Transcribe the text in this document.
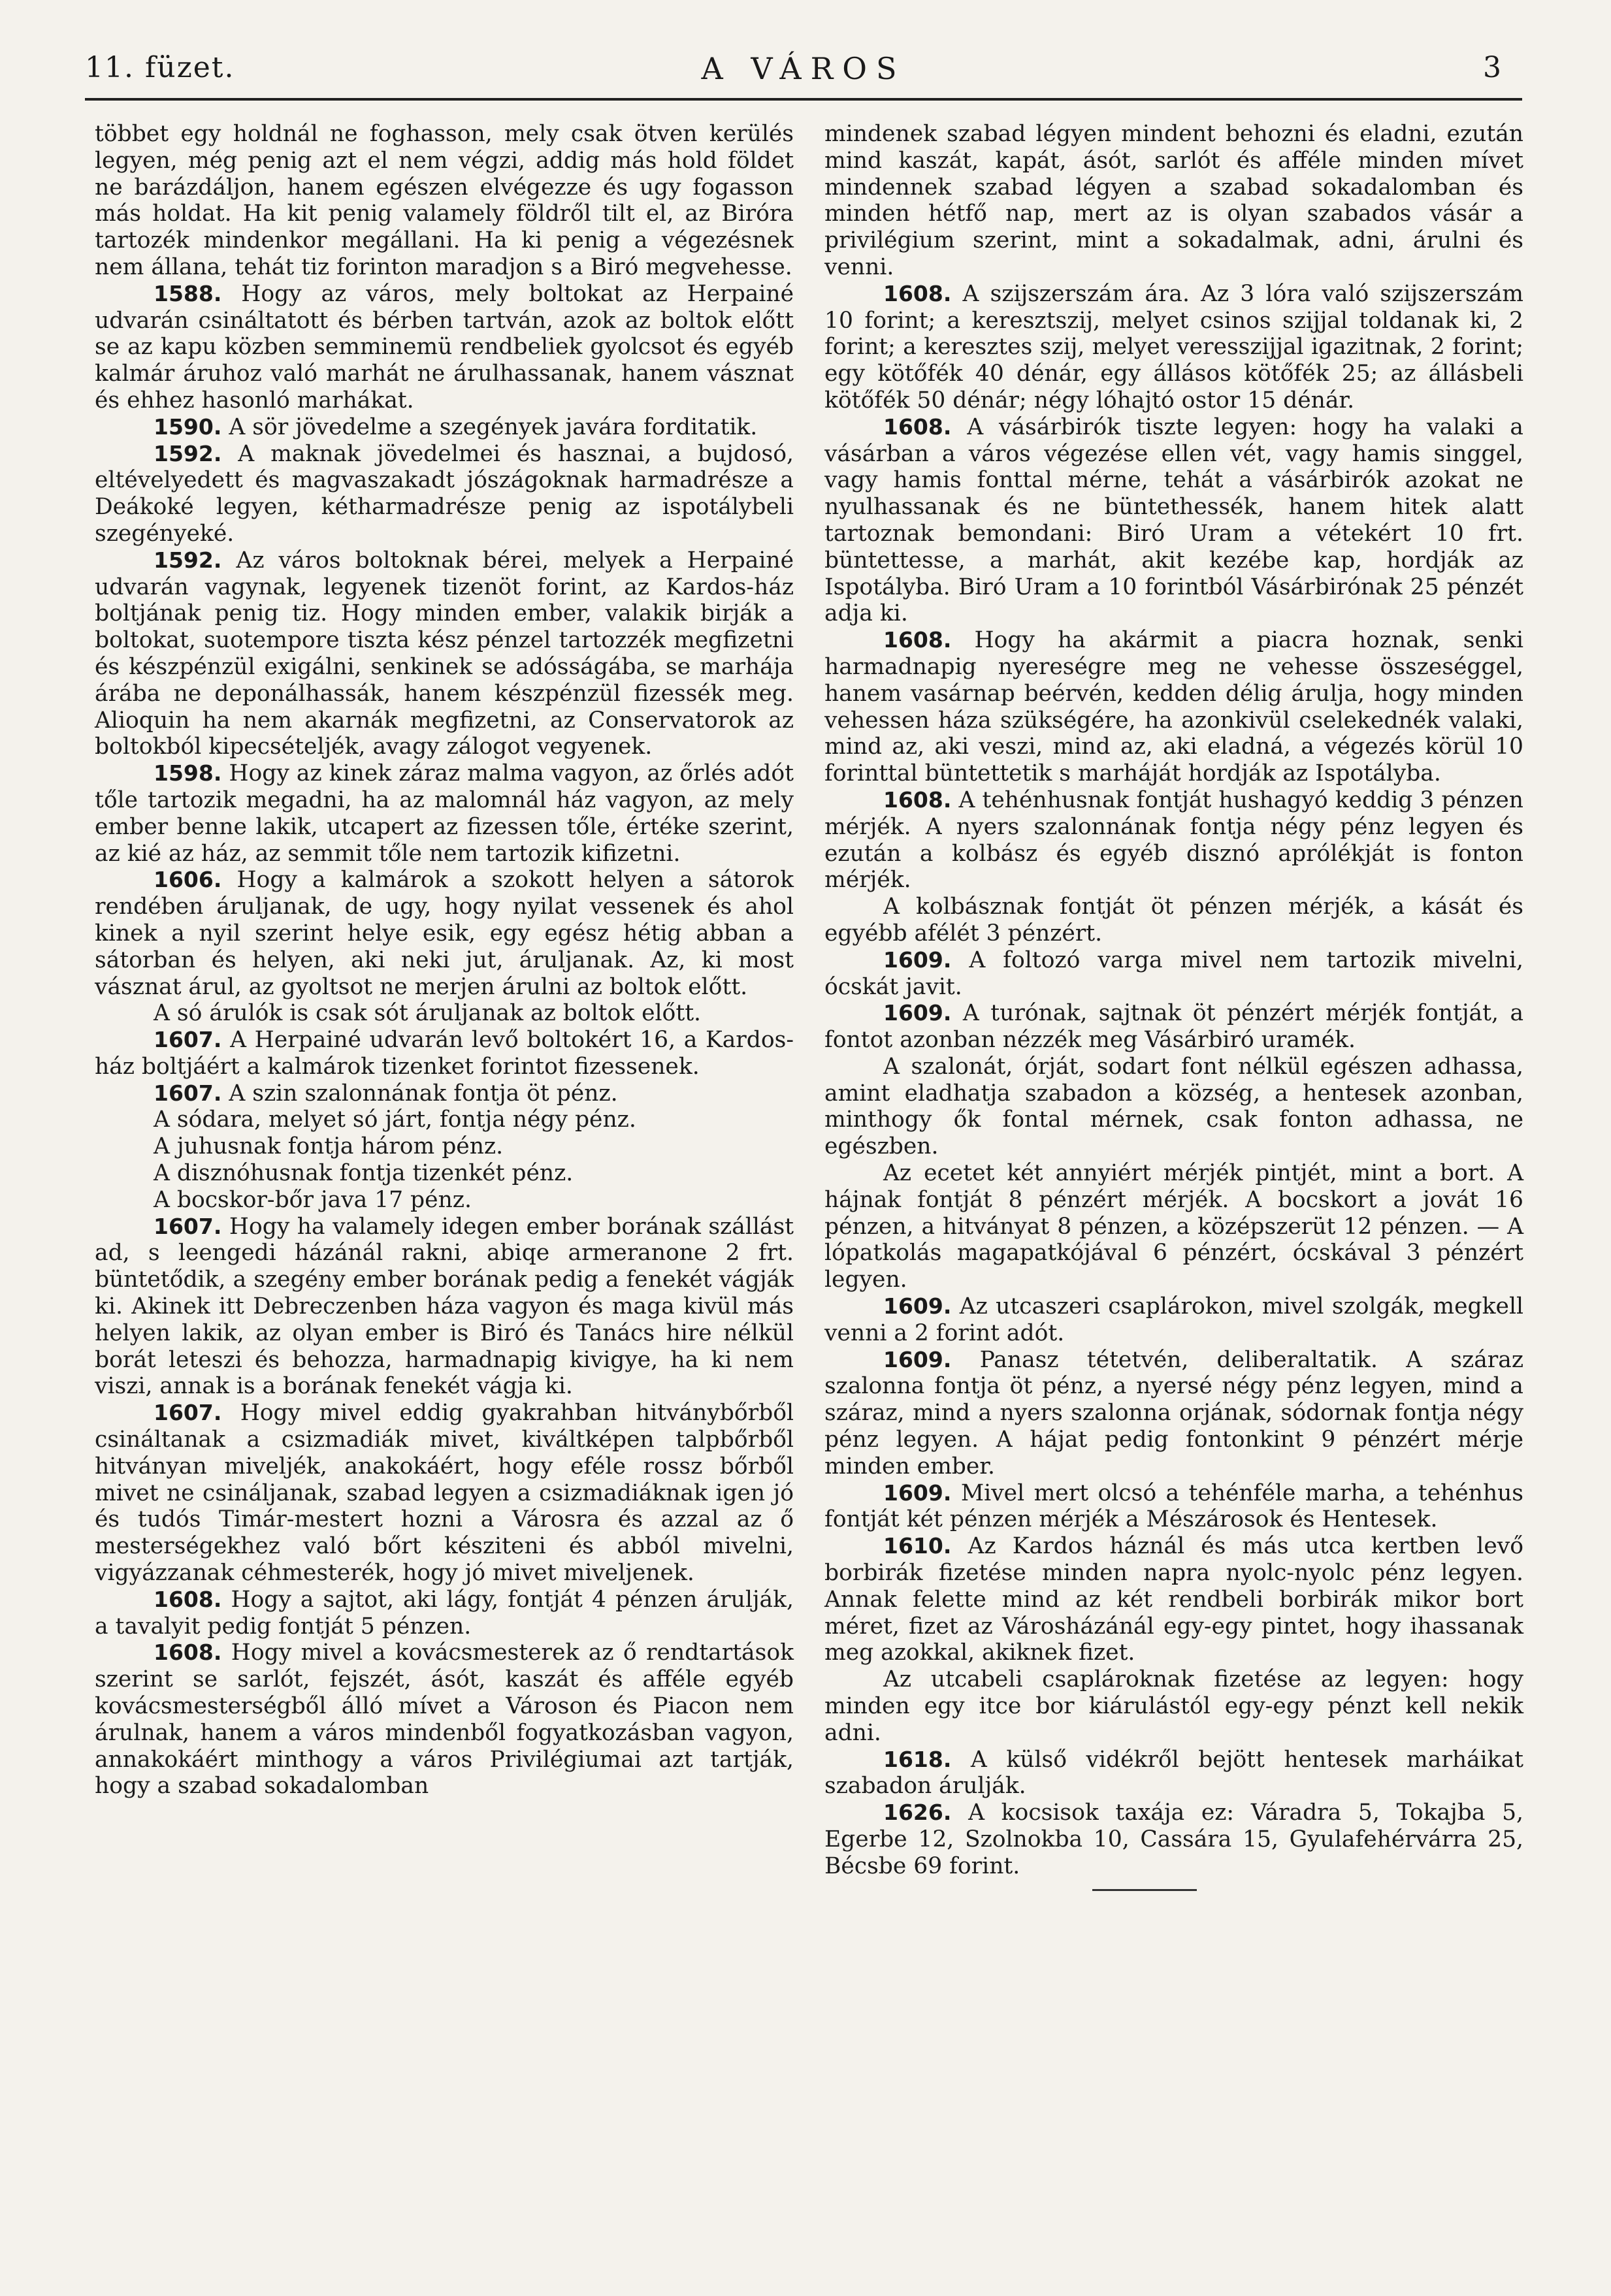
11. füzet.	A VÁROS	3

többet egy holdnál ne foghasson, mely csak ötven kerülés legyen, még penig azt el nem végzi, addig más hold földet ne barázdáljon, hanem egészen elvégezze és ugy fogasson más holdat. Ha kit penig valamely földről tilt el, az Biróra tartozék mindenkor megállani. Ha ki penig a végezésnek nem állana, tehát tiz forinton maradjon s a Biró megvehesse.

1588. Hogy az város, mely boltokat az Herpainé udvarán csináltatott és bérben tartván, azok az boltok előtt se az kapu közben semminemü rendbeliek gyolcsot és egyéb kalmár áruhoz való marhát ne árulhassanak, hanem vásznat és ehhez hasonló marhákat.

1590. A sör jövedelme a szegények javára forditatik.

1592. A maknak jövedelmei és hasznai, a bujdosó, eltévelyedett és magvaszakadt jószágoknak harmadrésze a Deákoké legyen, kétharmadrésze penig az ispotálybeli szegényeké.

1592. Az város boltoknak bérei, melyek a Herpainé udvarán vagynak, legyenek tizenöt forint, az Kardos-ház boltjának penig tiz. Hogy minden ember, valakik birják a boltokat, suotempore tiszta kész pénzel tartozzék megfizetni és készpénzül exigálni, senkinek se adósságába, se marhája árába ne deponálhassák, hanem készpénzül fizessék meg. Alioquin ha nem akarnák megfizetni, az Conservatorok az boltokból kipecsételjék, avagy zálogot vegyenek.

1598. Hogy az kinek záraz malma vagyon, az őrlés adót tőle tartozik megadni, ha az malomnál ház vagyon, az mely ember benne lakik, utcapert az fizessen tőle, értéke szerint, az kié az ház, az semmit tőle nem tartozik kifizetni.

1606. Hogy a kalmárok a szokott helyen a sátorok rendében áruljanak, de ugy, hogy nyilat vessenek és ahol kinek a nyil szerint helye esik, egy egész hétig abban a sátorban és helyen, aki neki jut, áruljanak. Az, ki most vásznat árul, az gyoltsot ne merjen árulni az boltok előtt.

A só árulók is csak sót áruljanak az boltok előtt.

1607. A Herpainé udvarán levő boltokért 16, a Kardos-ház boltjáért a kalmárok tizenket forintot fizessenek.

1607. A szin szalonnának fontja öt pénz.

A sódara, melyet só járt, fontja négy pénz.

A juhusnak fontja három pénz.

A disznóhusnak fontja tizenkét pénz.

A bocskor-bőr java 17 pénz.

1607. Hogy ha valamely idegen ember borának szállást ad, s leengedi házánál rakni, abiqe armeranone 2 frt. büntetődik, a szegény ember borának pedig a fenekét vágják ki. Akinek itt Debreczenben háza vagyon és maga kivül más helyen lakik, az olyan ember is Biró és Tanács hire nélkül borát leteszi és behozza, harmadnapig kivigye, ha ki nem viszi, annak is a borának fenekét vágja ki.

1607. Hogy mivel eddig gyakrahban hitványbőrből csináltanak a csizmadiák mivet, kiváltképen talpbőrből hitványan miveljék, anakokáért, hogy eféle rossz bőrből mivet ne csináljanak, szabad legyen a csizmadiáknak igen jó és tudós Timár-mestert hozni a Városra és azzal az ő mesterségekhez való bőrt késziteni és abból mivelni, vigyázzanak céhmesterék, hogy jó mivet miveljenek.

1608. Hogy a sajtot, aki lágy, fontját 4 pénzen árulják, a tavalyit pedig fontját 5 pénzen.

1608. Hogy mivel a kovácsmesterek az ő rendtartások szerint se sarlót, fejszét, ásót, kaszát és afféle egyéb kovácsmesterségből álló mívet a Városon és Piacon nem árulnak, hanem a város mindenből fogyatkozásban vagyon, annakokáért minthogy a város Privilégiumai azt tartják, hogy a szabad sokadalomban

mindenek szabad légyen mindent behozni és eladni, ezután mind kaszát, kapát, ásót, sarlót és afféle minden mívet mindennek szabad légyen a szabad sokadalomban és minden hétfő nap, mert az is olyan szabados vásár a privilégium szerint, mint a sokadalmak, adni, árulni és venni.

1608. A szijszerszám ára. Az 3 lóra való szijszerszám 10 forint; a keresztszij, melyet csinos szijjal toldanak ki, 2 forint; a keresztes szij, melyet veresszijjal igazitnak, 2 forint; egy kötőfék 40 dénár, egy állásos kötőfék 25; az állásbeli kötőfék 50 dénár; négy lóhajtó ostor 15 dénár.

1608. A vásárbirók tiszte legyen: hogy ha valaki a vásárban a város végezése ellen vét, vagy hamis singgel, vagy hamis fonttal mérne, tehát a vásárbirók azokat ne nyulhassanak és ne büntethessék, hanem hitek alatt tartoznak bemondani: Biró Uram a vétekért 10 frt. büntettesse, a marhát, akit kezébe kap, hordják az Ispotályba. Biró Uram a 10 forintból Vásárbirónak 25 pénzét adja ki.

1608. Hogy ha akármit a piacra hoznak, senki harmadnapig nyereségre meg ne vehesse összeséggel, hanem vasárnap beérvén, kedden délig árulja, hogy minden vehessen háza szükségére, ha azonkivül cselekednék valaki, mind az, aki veszi, mind az, aki eladná, a végezés körül 10 forinttal büntettetik s marháját hordják az Ispotályba.

1608. A tehénhusnak fontját hushagyó keddig 3 pénzen mérjék. A nyers szalonnának fontja négy pénz legyen és ezután a kolbász és egyéb disznó aprólékját is fonton mérjék.

A kolbásznak fontját öt pénzen mérjék, a kását és egyébb afélét 3 pénzért.

1609. A foltozó varga mivel nem tartozik mivelni, ócskát javit.

1609. A turónak, sajtnak öt pénzért mérjék fontját, a fontot azonban nézzék meg Vásárbiró uramék.

A szalonát, órját, sodart font nélkül egészen adhassa, amint eladhatja szabadon a község, a hentesek azonban, minthogy ők fontal mérnek, csak fonton adhassa, ne egészben.

Az ecetet két annyiért mérjék pintjét, mint a bort. A hájnak fontját 8 pénzért mérjék. A bocskort a jovát 16 pénzen, a hitványat 8 pénzen, a középszerüt 12 pénzen. — A lópatkolás magapatkójával 6 pénzért, ócskával 3 pénzért legyen.

1609. Az utcaszeri csaplárokon, mivel szolgák, megkell venni a 2 forint adót.

1609. Panasz tétetvén, deliberaltatik. A száraz szalonna fontja öt pénz, a nyersé négy pénz legyen, mind a száraz, mind a nyers szalonna orjának, sódornak fontja négy pénz legyen. A hájat pedig fontonkint 9 pénzért mérje minden ember.

1609. Mivel mert olcsó a tehénféle marha, a tehénhus fontját két pénzen mérjék a Mészárosok és Hentesek.

1610. Az Kardos háznál és más utca kertben levő borbirák fizetése minden napra nyolc-nyolc pénz legyen. Annak felette mind az két rendbeli borbirák mikor bort méret, fizet az Városházánál egy-egy pintet, hogy ihassanak meg azokkal, akiknek fizet.

Az utcabeli csaplároknak fizetése az legyen: hogy minden egy itce bor kiárulástól egy-egy pénzt kell nekik adni.

1618. A külső vidékről bejött hentesek marháikat szabadon árulják.

1626. A kocsisok taxája ez: Váradra 5, Tokajba 5, Egerbe 12, Szolnokba 10, Cassára 15, Gyulafehérvárra 25, Bécsbe 69 forint.
